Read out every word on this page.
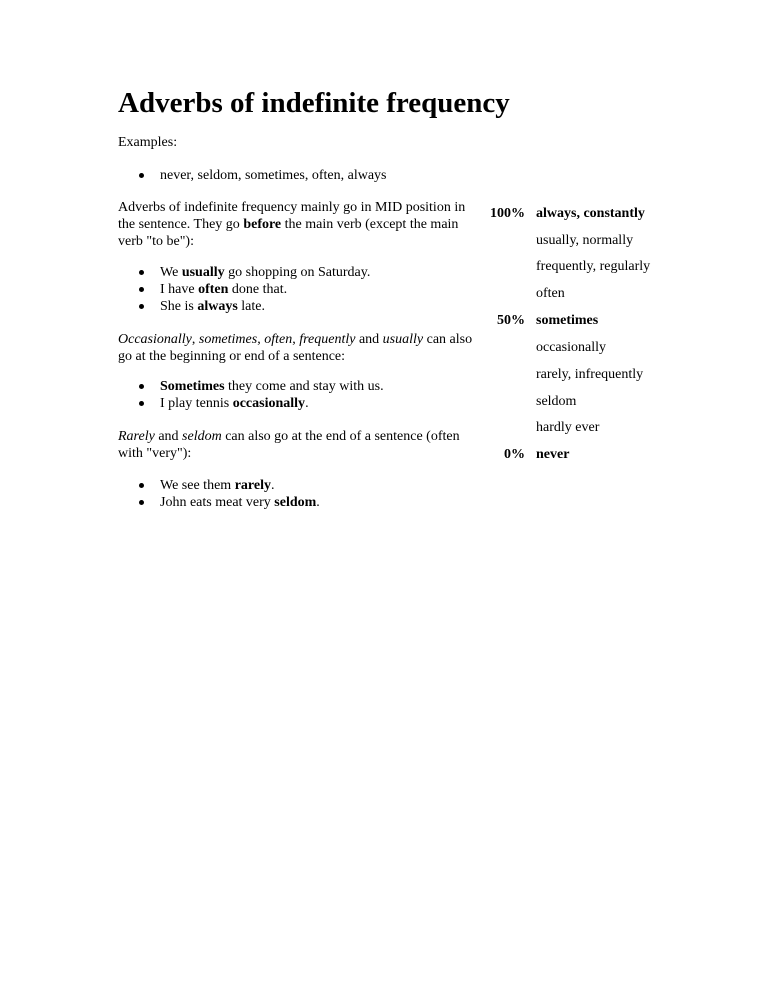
Adverbs of indefinite frequency

Examples:

never, seldom, sometimes, often, always

Adverbs of indefinite frequency mainly go in MID position in

the sentence. They go before the main verb (except the main

verb "to be"):

We usually go shopping on Saturday.

I have often done that.

She is always late.

Occasionally, sometimes, often, frequently and usually can also

go at the beginning or end of a sentence:

Sometimes they come and stay with us.

I play tennis occasionally.

Rarely and seldom can also go at the end of a sentence (often

with "very"):

We see them rarely.

John eats meat very seldom.

100% always, constantly
usually, normally
frequently, regularly
often
50% sometimes
occasionally
rarely, infrequently
seldom
hardly ever
0% never
